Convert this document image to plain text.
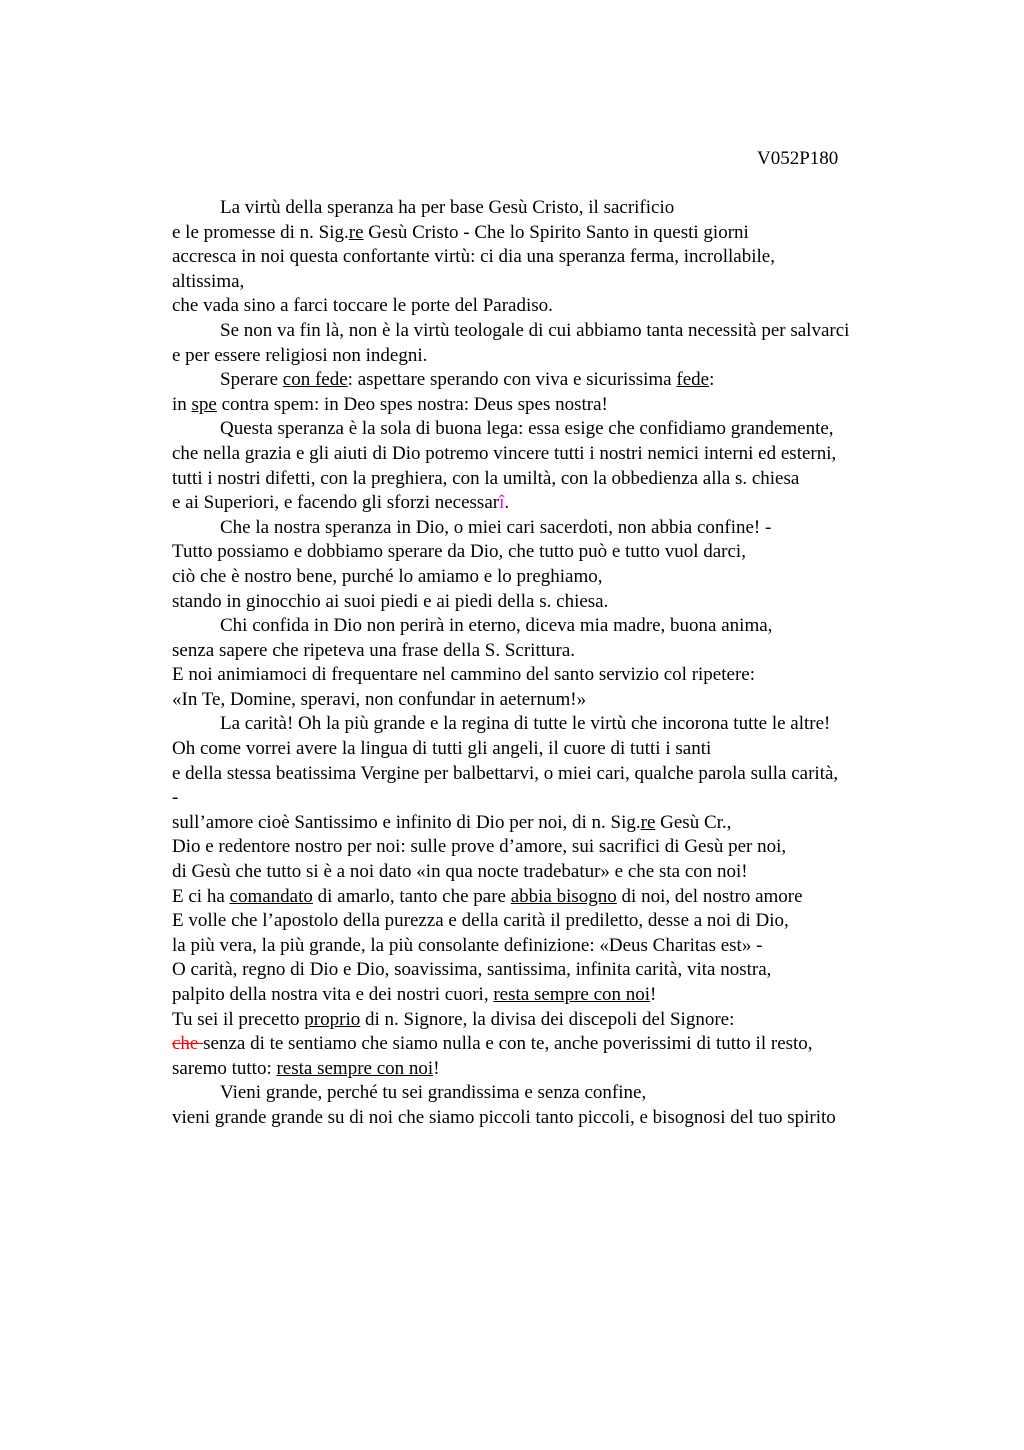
V052P180
La virtù della speranza ha per base Gesù Cristo, il sacrificio
e le promesse di n. Sig.re Gesù Cristo - Che lo Spirito Santo in questi giorni
accresca in noi questa confortante virtù: ci dia una speranza ferma, incrollabile,
altissima,
che vada sino a farci toccare le porte del Paradiso.
Se non va fin là, non è la virtù teologale di cui abbiamo tanta necessità per salvarci
e per essere religiosi non indegni.
Sperare con fede: aspettare sperando con viva e sicurissima fede:
in spe contra spem: in Deo spes nostra: Deus spes nostra!
Questa speranza è la sola di buona lega: essa esige che confidiamo grandemente,
che nella grazia e gli aiuti di Dio potremo vincere tutti i nostri nemici interni ed esterni,
tutti i nostri difetti, con la preghiera, con la umiltà, con la obbedienza alla s. chiesa
e ai Superiori, e facendo gli sforzi necessarî.
Che la nostra speranza in Dio, o miei cari sacerdoti, non abbia confine! -
Tutto possiamo e dobbiamo sperare da Dio, che tutto può e tutto vuol darci,
ciò che è nostro bene, purché lo amiamo e lo preghiamo,
stando in ginocchio ai suoi piedi e ai piedi della s. chiesa.
Chi confida in Dio non perirà in eterno, diceva mia madre, buona anima,
senza sapere che ripeteva una frase della S. Scrittura.
E noi animiamoci di frequentare nel cammino del santo servizio col ripetere:
«In Te, Domine, speravi, non confundar in aeternum!»
La carità! Oh la più grande e la regina di tutte le virtù che incorona tutte le altre!
Oh come vorrei avere la lingua di tutti gli angeli, il cuore di tutti i santi
e della stessa beatissima Vergine per balbettarvi, o miei cari, qualche parola sulla carità,
-
sull’amore cioè Santissimo e infinito di Dio per noi, di n. Sig.re Gesù Cr.,
Dio e redentore nostro per noi: sulle prove d’amore, sui sacrifici di Gesù per noi,
di Gesù che tutto si è a noi dato «in qua nocte tradebatur» e che sta con noi!
E ci ha comandato di amarlo, tanto che pare abbia bisogno di noi, del nostro amore
E volle che l’apostolo della purezza e della carità il prediletto, desse a noi di Dio,
la più vera, la più grande, la più consolante definizione: «Deus Charitas est» -
O carità, regno di Dio e Dio, soavissima, santissima, infinita carità, vita nostra,
palpito della nostra vita e dei nostri cuori, resta sempre con noi!
Tu sei il precetto proprio di n. Signore, la divisa dei discepoli del Signore:
che senza di te sentiamo che siamo nulla e con te, anche poverissimi di tutto il resto,
saremo tutto: resta sempre con noi!
Vieni grande, perché tu sei grandissima e senza confine,
vieni grande grande su di noi che siamo piccoli tanto piccoli, e bisognosi del tuo spirito
